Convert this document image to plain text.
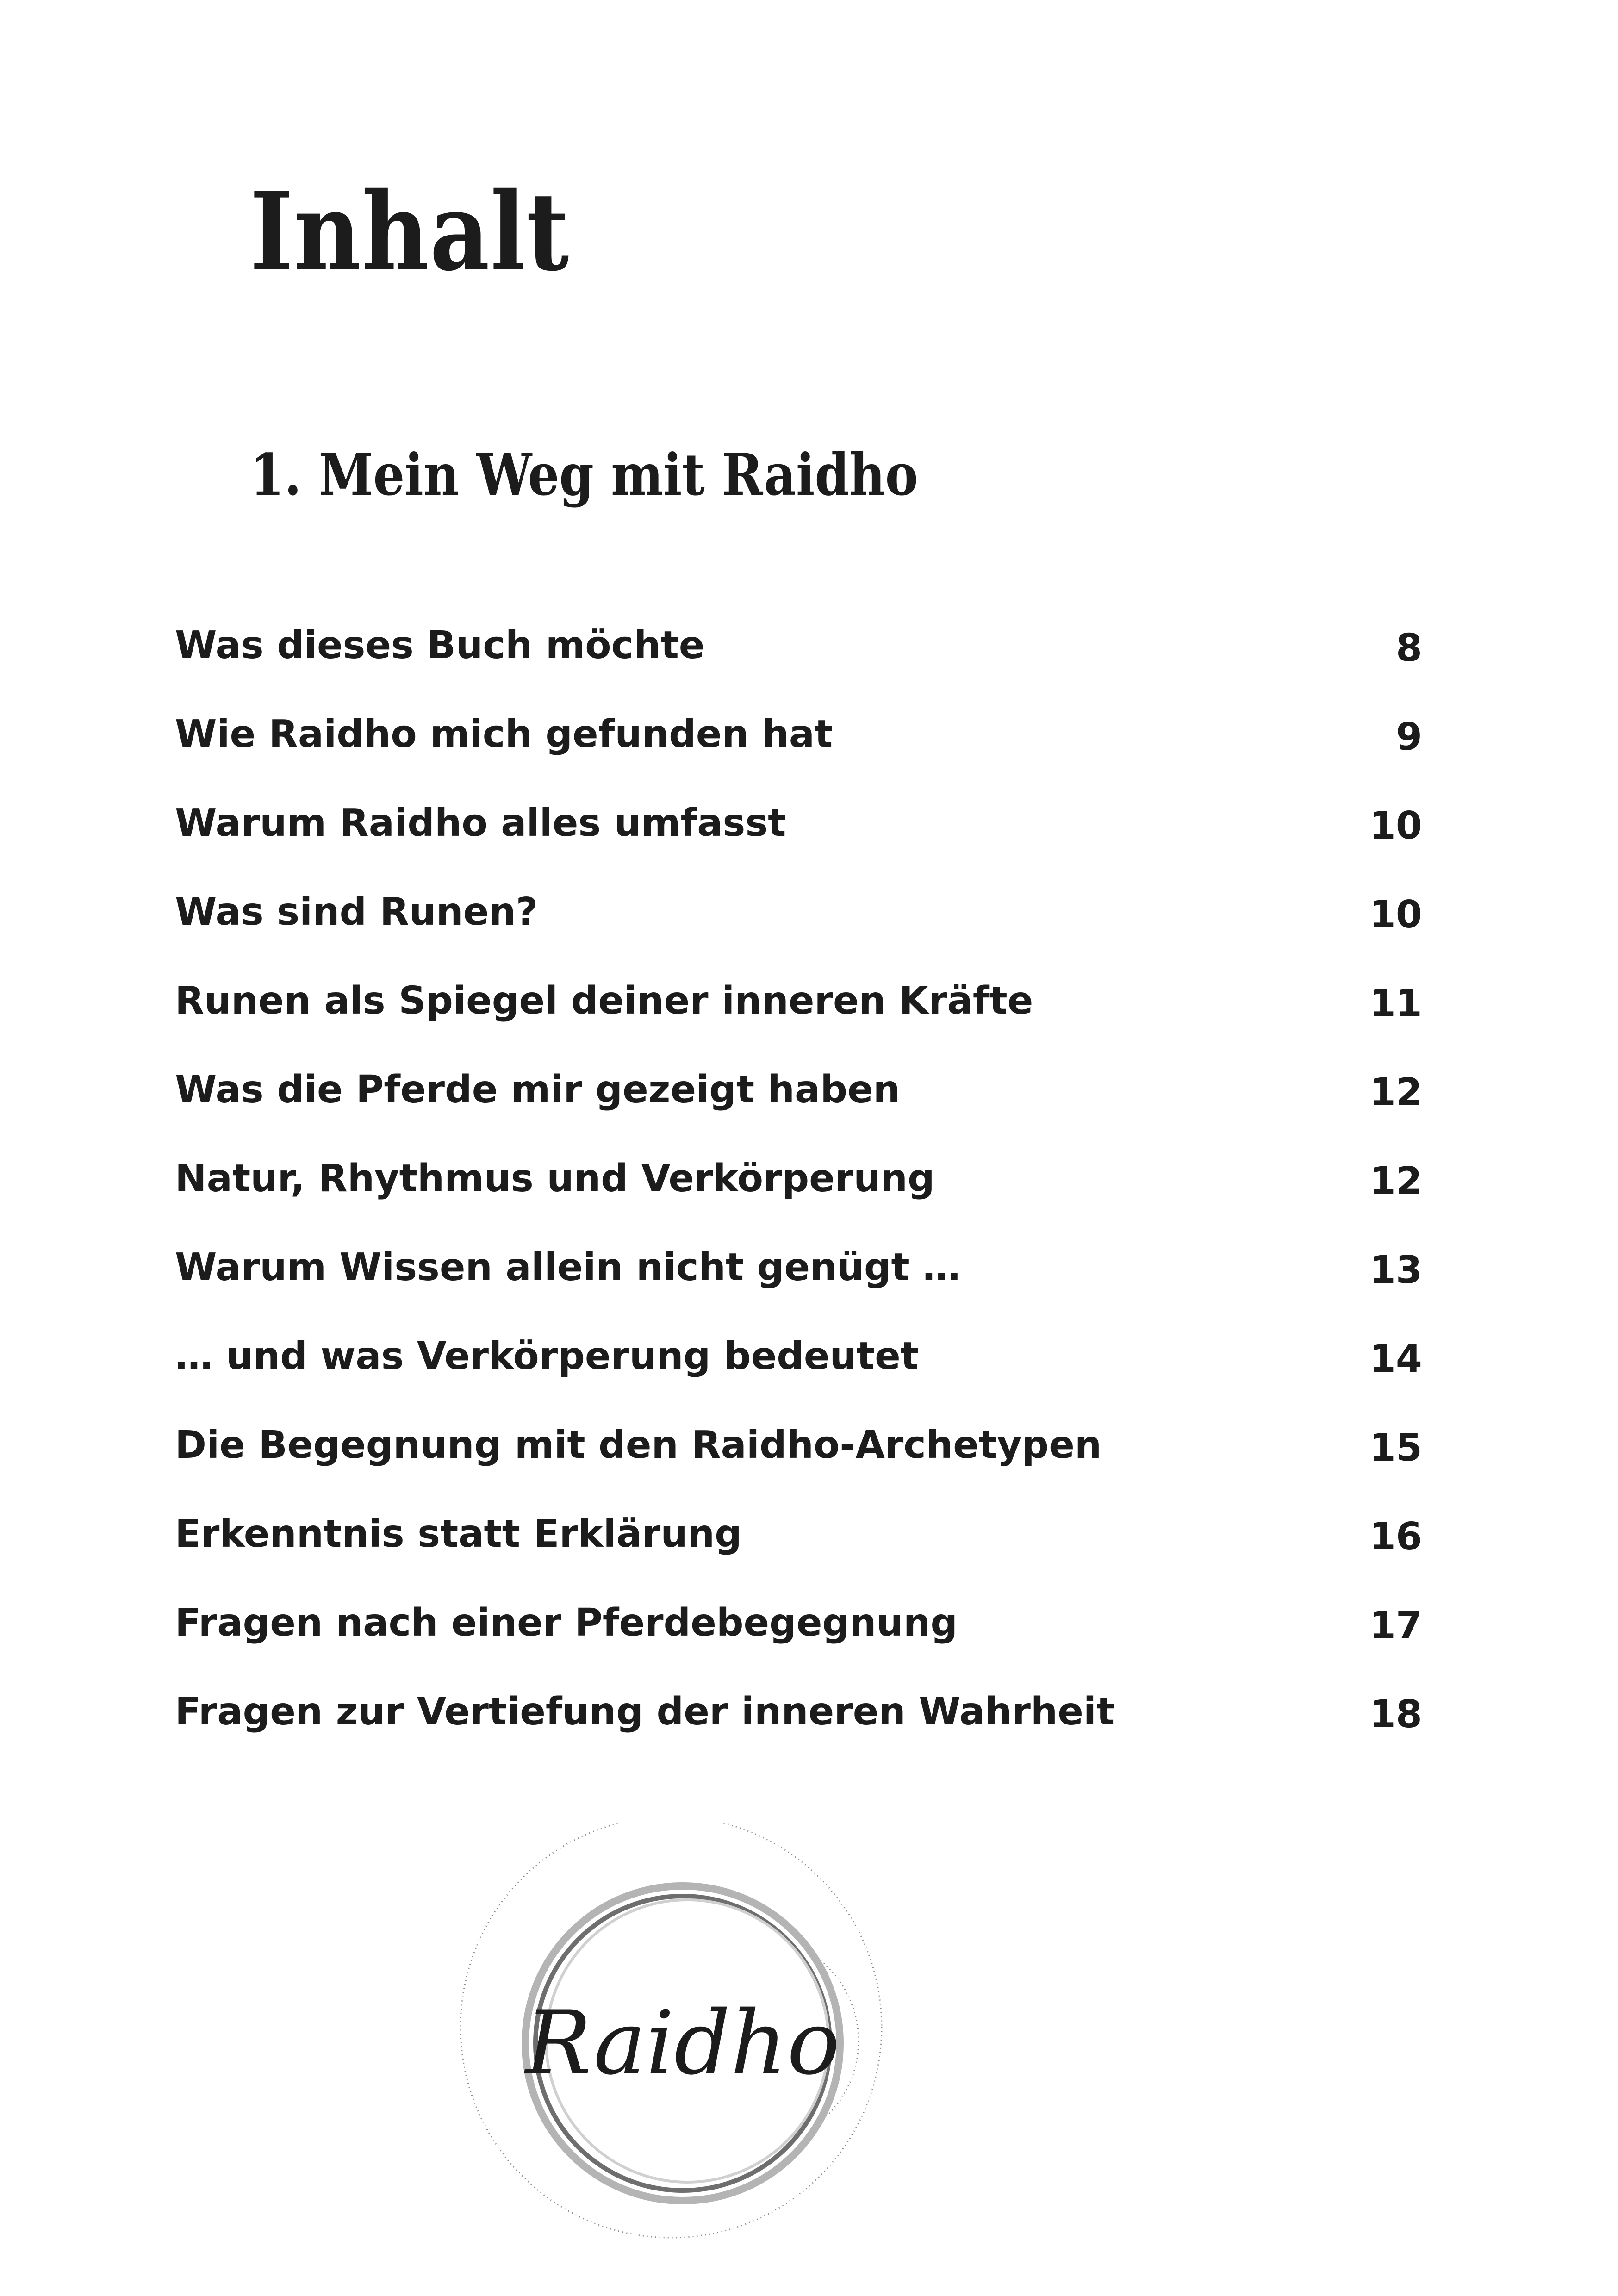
Inhalt
1. Mein Weg mit Raidho
Was dieses Buch möchte	8
Wie Raidho mich gefunden hat	9
Warum Raidho alles umfasst	10
Was sind Runen?	10
Runen als Spiegel deiner inneren Kräfte	11
Was die Pferde mir gezeigt haben	12
Natur, Rhythmus und Verkörperung	12
Warum Wissen allein nicht genügt …	13
… und was Verkörperung bedeutet	14
Die Begegnung mit den Raidho-Archetypen	15
Erkenntnis statt Erklärung	16
Fragen nach einer Pferdebegegnung	17
Fragen zur Vertiefung der inneren Wahrheit	18
Raidho
